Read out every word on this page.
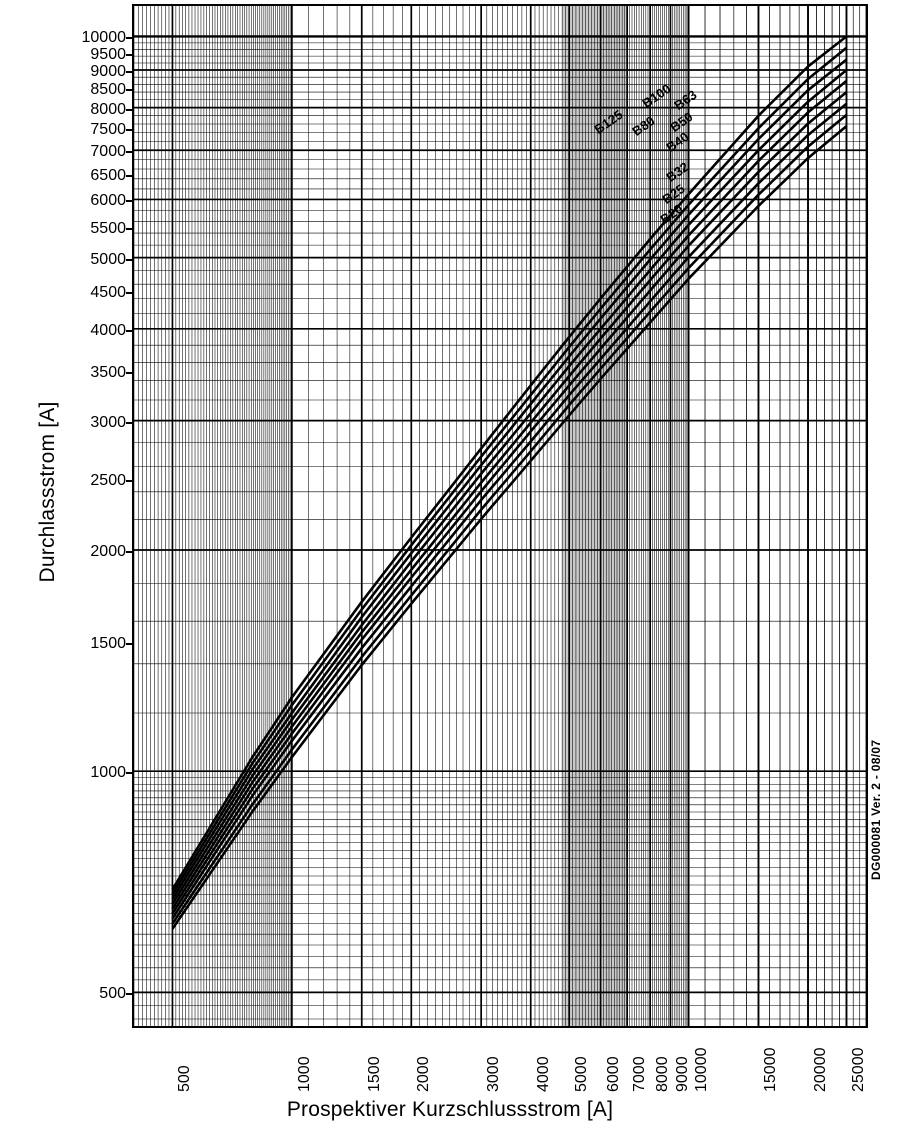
Durchlassstrom [A]
Prospektiver Kurzschlussstrom [A]
500
1000
1500
2000
2500
3000
3500
4000
4500
5000
5500
6000
6500
7000
7500
8000
8500
9000
9500
10000
500	1000	1500 2000	3000 4000 5000 6000 7000 8000 9000 10000	15000 20000 25000
B125
B100
B80
B63
B50
B40
B32
B25
B20
DG000081 Ver. 2 - 08/07
